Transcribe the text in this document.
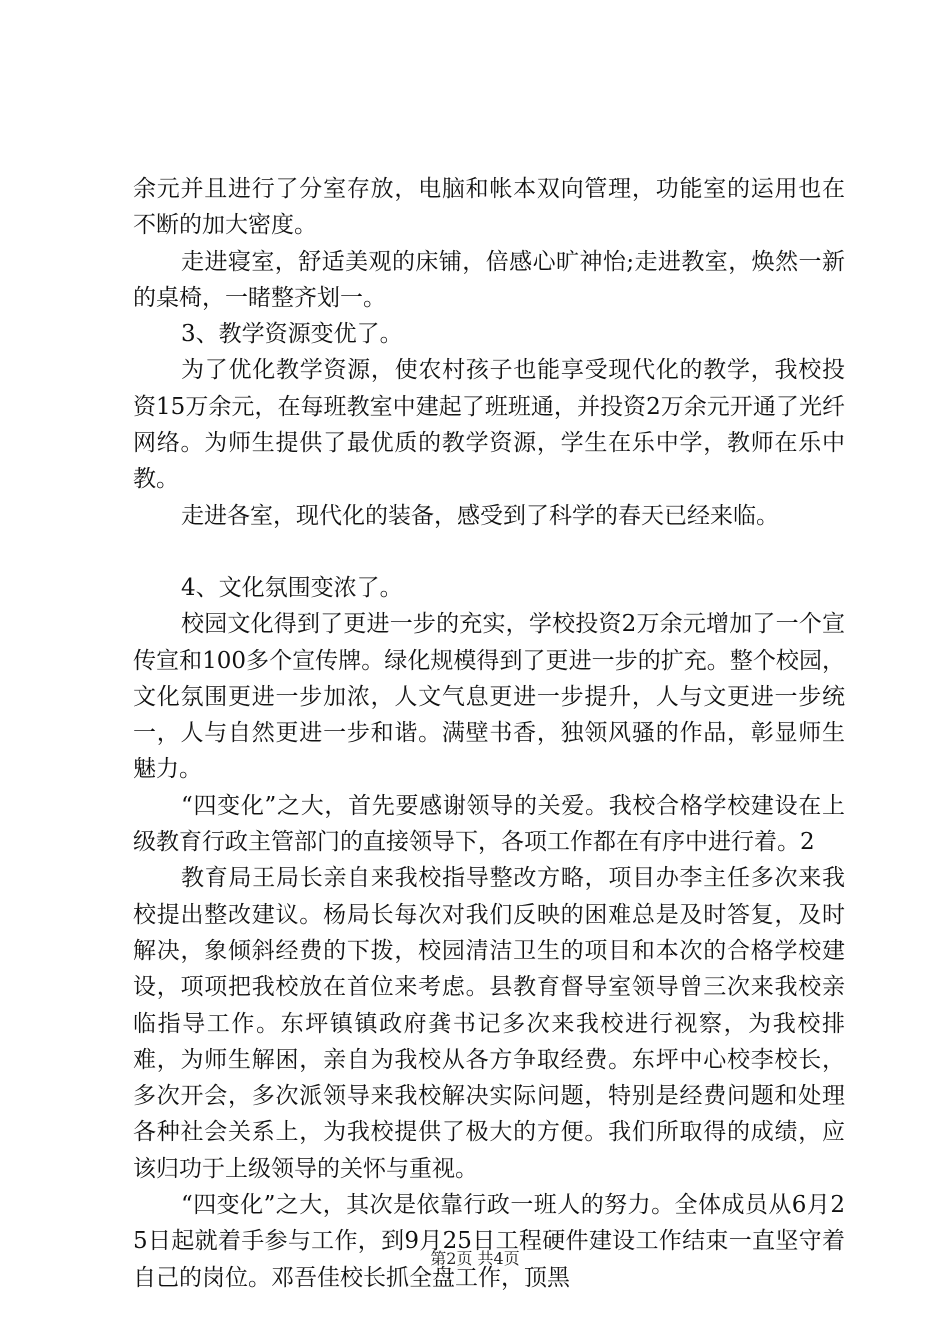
余元并且进行了分室存放，电脑和帐本双向管理，功能室的运用也在不断的加大密度。

走进寝室，舒适美观的床铺，倍感心旷神怡;走进教室，焕然一新的桌椅，一睹整齐划一。

3、教学资源变优了。

为了优化教学资源，使农村孩子也能享受现代化的教学，我校投资15万余元，在每班教室中建起了班班通，并投资2万余元开通了光纤网络。为师生提供了最优质的教学资源，学生在乐中学，教师在乐中教。

走进各室，现代化的装备，感受到了科学的春天已经来临。

4、文化氛围变浓了。

校园文化得到了更进一步的充实，学校投资2万余元增加了一个宣传宣和100多个宣传牌。绿化规模得到了更进一步的扩充。整个校园，文化氛围更进一步加浓，人文气息更进一步提升，人与文更进一步统一，人与自然更进一步和谐。满壁书香，独领风骚的作品，彰显师生魅力。

“四变化”之大，首先要感谢领导的关爱。我校合格学校建设在上级教育行政主管部门的直接领导下，各项工作都在有序中进行着。2

教育局王局长亲自来我校指导整改方略，项目办李主任多次来我校提出整改建议。杨局长每次对我们反映的困难总是及时答复，及时解决，象倾斜经费的下拨，校园清洁卫生的项目和本次的合格学校建设，项项把我校放在首位来考虑。县教育督导室领导曾三次来我校亲临指导工作。东坪镇镇政府龚书记多次来我校进行视察，为我校排难，为师生解困，亲自为我校从各方争取经费。东坪中心校李校长，多次开会，多次派领导来我校解决实际问题，特别是经费问题和处理各种社会关系上，为我校提供了极大的方便。我们所取得的成绩，应该归功于上级领导的关怀与重视。

“四变化”之大，其次是依靠行政一班人的努力。全体成员从6月25日起就着手参与工作，到9月25日工程硬件建设工作结束一直坚守着自己的岗位。邓吾佳校长抓全盘工作，顶黑

第2页 共4页
